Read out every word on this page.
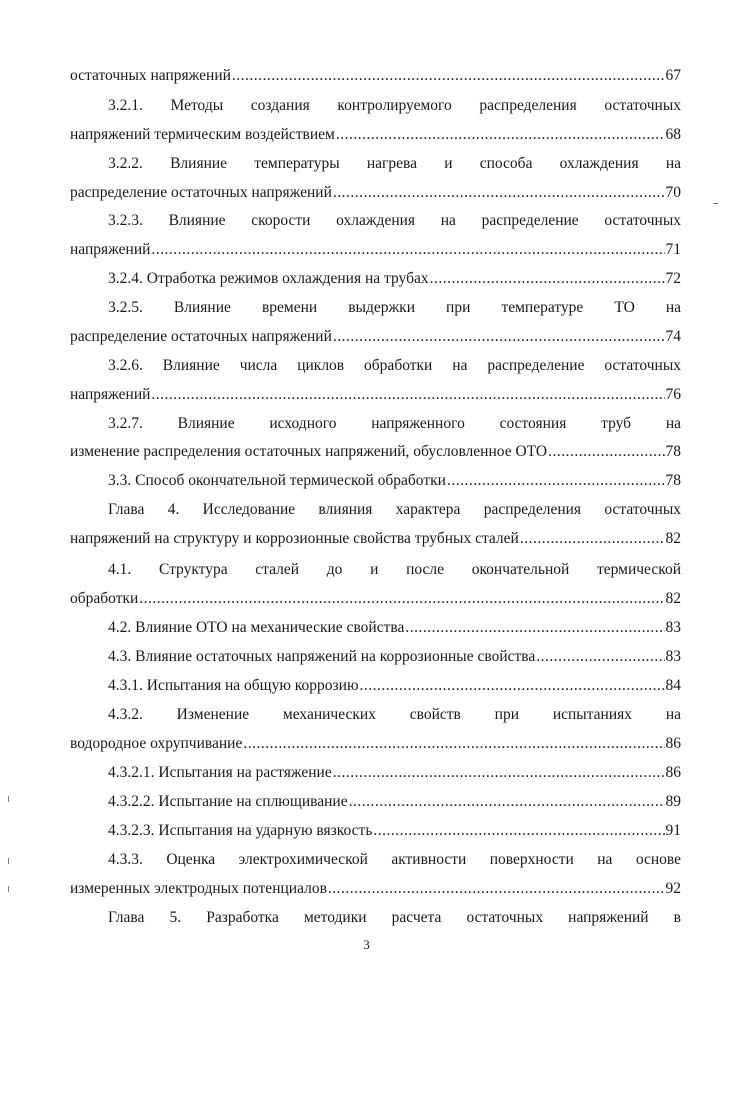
остаточных напряжений .....	67
3.2.1. Методы создания контролируемого распределения остаточных
напряжений термическим воздействием .....	68
3.2.2. Влияние температуры нагрева и способа охлаждения на
распределение остаточных напряжений .....	70
3.2.3. Влияние скорости охлаждения на распределение остаточных
напряжений .....	71
3.2.4. Отработка режимов охлаждения на трубах .....	72
3.2.5. Влияние времени выдержки при температуре ТО на
распределение остаточных напряжений .....	74
3.2.6. Влияние числа циклов обработки на распределение остаточных
напряжений .....	76
3.2.7. Влияние исходного напряженного состояния труб на
изменение распределения остаточных напряжений, обусловленное ОТО .....	78
3.3. Способ окончательной термической обработки .....	78
Глава 4. Исследование влияния характера распределения остаточных
напряжений на структуру и коррозионные свойства трубных сталей .....	82
4.1. Структура сталей до и после окончательной термической
обработки .....	82
4.2. Влияние ОТО на механические свойства .....	83
4.3. Влияние остаточных напряжений на коррозионные свойства .....	83
4.3.1. Испытания на общую коррозию .....	84
4.3.2. Изменение механических свойств при испытаниях на
водородное охрупчивание .....	86
4.3.2.1. Испытания на растяжение .....	86
4.3.2.2. Испытание на сплющивание .....	89
4.3.2.3. Испытания на ударную вязкость .....	91
4.3.3. Оценка электрохимической активности поверхности на основе
измеренных электродных потенциалов .....	92
Глава 5. Разработка методики расчета остаточных напряжений в
3
